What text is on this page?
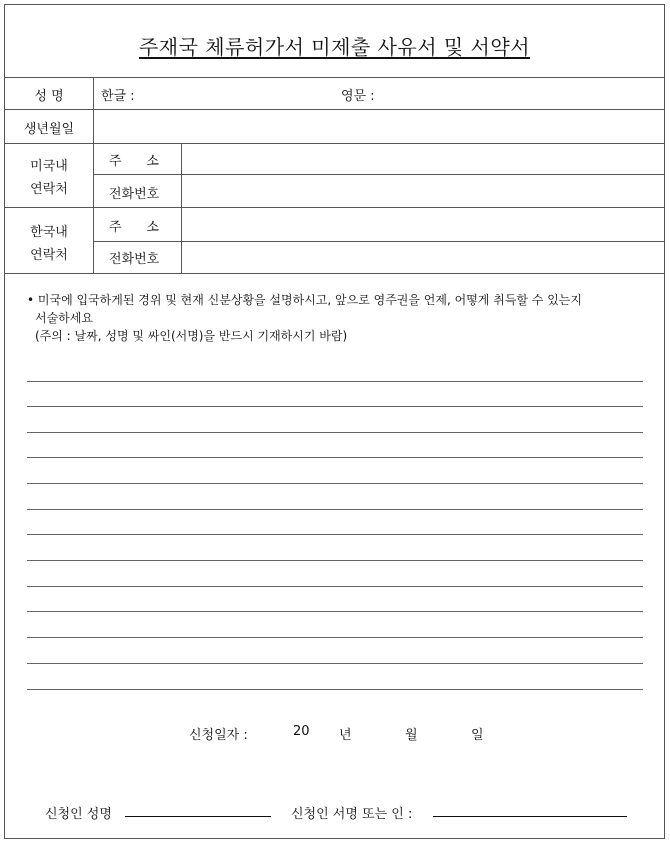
주재국 체류허가서 미제출 사유서 및 서약서
성 명	한글 :	영문 :
생년월일
미국내
연락처
주      소
전화번호
한국내
연락처
주      소
전화번호
• 미국에 입국하게된 경위 및 현재 신분상황을 설명하시고, 앞으로 영주권을 언제, 어떻게 취득할 수 있는지
서술하세요
(주의 : 날짜, 성명 및 싸인(서명)을 반드시 기재하시기 바람)
신청일자 :	20 년	월	일
신청인 성명	신청인 서명 또는 인 :
